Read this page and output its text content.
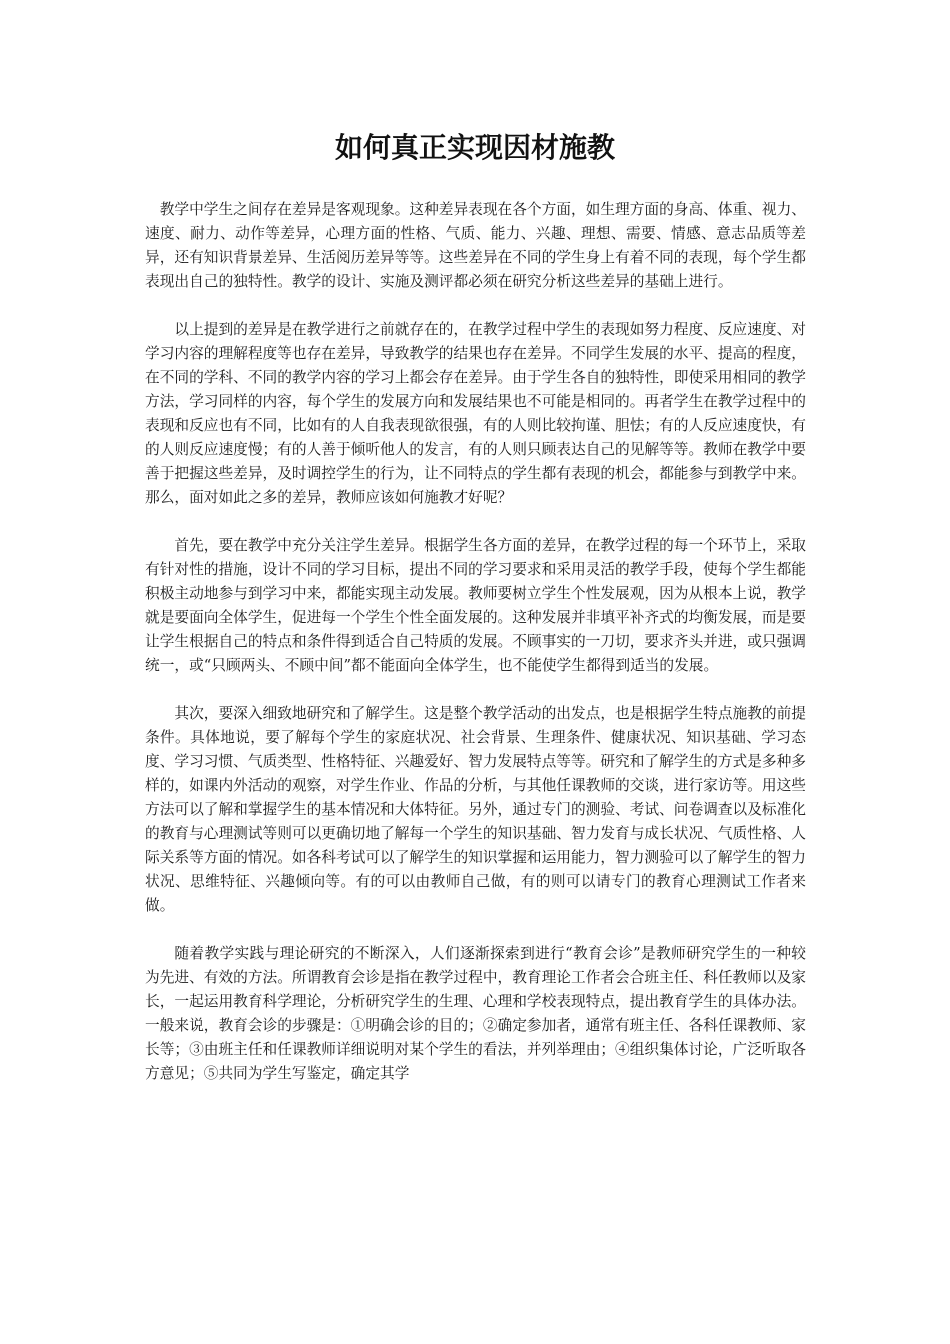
如何真正实现因材施教

教学中学生之间存在差异是客观现象。这种差异表现在各个方面，如生理方面的身高、体重、视力、速度、耐力、动作等差异，心理方面的性格、气质、能力、兴趣、理想、需要、情感、意志品质等差异，还有知识背景差异、生活阅历差异等等。这些差异在不同的学生身上有着不同的表现，每个学生都表现出自己的独特性。教学的设计、实施及测评都必须在研究分析这些差异的基础上进行。

以上提到的差异是在教学进行之前就存在的，在教学过程中学生的表现如努力程度、反应速度、对学习内容的理解程度等也存在差异，导致教学的结果也存在差异。不同学生发展的水平、提高的程度，在不同的学科、不同的教学内容的学习上都会存在差异。由于学生各自的独特性，即使采用相同的教学方法，学习同样的内容，每个学生的发展方向和发展结果也不可能是相同的。再者学生在教学过程中的表现和反应也有不同，比如有的人自我表现欲很强，有的人则比较拘谨、胆怯；有的人反应速度快，有的人则反应速度慢；有的人善于倾听他人的发言，有的人则只顾表达自己的见解等等。教师在教学中要善于把握这些差异，及时调控学生的行为，让不同特点的学生都有表现的机会，都能参与到教学中来。那么，面对如此之多的差异，教师应该如何施教才好呢？

首先，要在教学中充分关注学生差异。根据学生各方面的差异，在教学过程的每一个环节上，采取有针对性的措施，设计不同的学习目标，提出不同的学习要求和采用灵活的教学手段，使每个学生都能积极主动地参与到学习中来，都能实现主动发展。教师要树立学生个性发展观，因为从根本上说，教学就是要面向全体学生，促进每一个学生个性全面发展的。这种发展并非填平补齐式的均衡发展，而是要让学生根据自己的特点和条件得到适合自己特质的发展。不顾事实的一刀切，要求齐头并进，或只强调统一，或“只顾两头、不顾中间”都不能面向全体学生，也不能使学生都得到适当的发展。

其次，要深入细致地研究和了解学生。这是整个教学活动的出发点，也是根据学生特点施教的前提条件。具体地说，要了解每个学生的家庭状况、社会背景、生理条件、健康状况、知识基础、学习态度、学习习惯、气质类型、性格特征、兴趣爱好、智力发展特点等等。研究和了解学生的方式是多种多样的，如课内外活动的观察，对学生作业、作品的分析，与其他任课教师的交谈，进行家访等。用这些方法可以了解和掌握学生的基本情况和大体特征。另外，通过专门的测验、考试、问卷调查以及标准化的教育与心理测试等则可以更确切地了解每一个学生的知识基础、智力发育与成长状况、气质性格、人际关系等方面的情况。如各科考试可以了解学生的知识掌握和运用能力，智力测验可以了解学生的智力状况、思维特征、兴趣倾向等。有的可以由教师自己做，有的则可以请专门的教育心理测试工作者来做。

随着教学实践与理论研究的不断深入，人们逐渐探索到进行“教育会诊”是教师研究学生的一种较为先进、有效的方法。所谓教育会诊是指在教学过程中，教育理论工作者会合班主任、科任教师以及家长，一起运用教育科学理论，分析研究学生的生理、心理和学校表现特点，提出教育学生的具体办法。一般来说，教育会诊的步骤是：①明确会诊的目的；②确定参加者，通常有班主任、各科任课教师、家长等；③由班主任和任课教师详细说明对某个学生的看法，并列举理由；④组织集体讨论，广泛听取各方意见；⑤共同为学生写鉴定，确定其学
